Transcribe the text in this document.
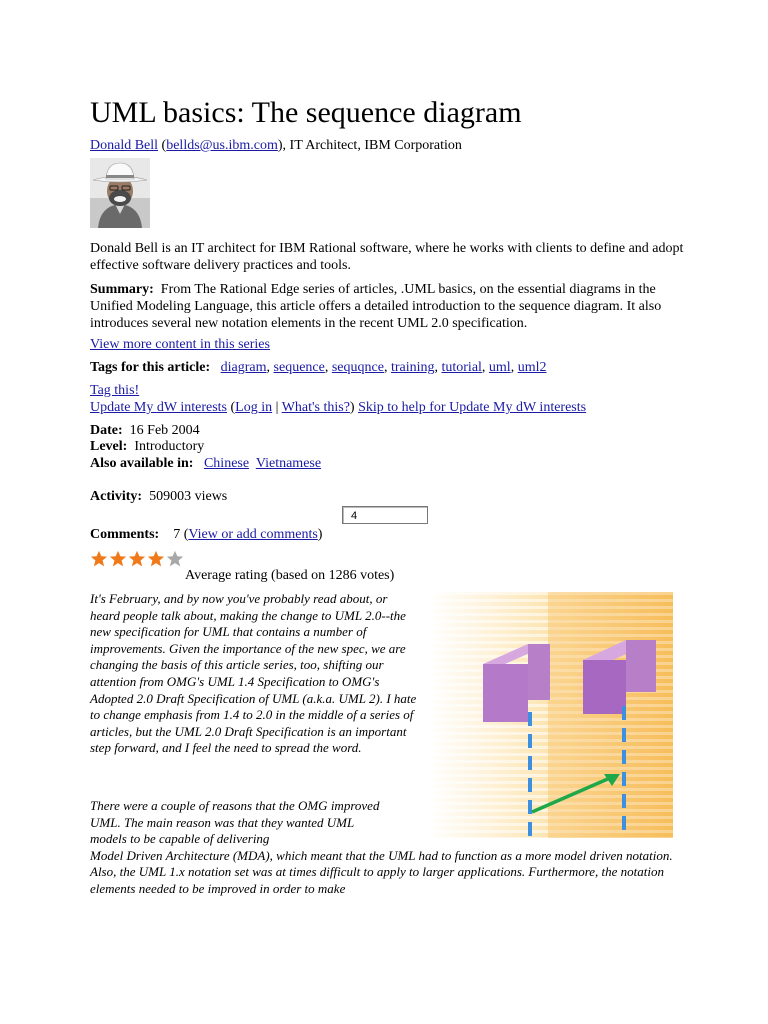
UML basics: The sequence diagram
Donald Bell (bellds@us.ibm.com), IT Architect, IBM Corporation
Donald Bell is an IT architect for IBM Rational software, where he works with clients to define and adopt effective software delivery practices and tools.
Summary: From The Rational Edge series of articles, .UML basics, on the essential diagrams in the Unified Modeling Language, this article offers a detailed introduction to the sequence diagram. It also introduces several new notation elements in the recent UML 2.0 specification.
View more content in this series
Tags for this article: diagram, sequence, sequqnce, training, tutorial, uml, uml2
Tag this!
Update My dW interests (Log in | What's this?) Skip to help for Update My dW interests
Date: 16 Feb 2004
Level: Introductory
Also available in: Chinese Vietnamese
Activity: 509003 views
4
Comments: 7 (View or add comments)
Average rating (based on 1286 votes)
It's February, and by now you've probably read about, or heard people talk about, making the change to UML 2.0--the new specification for UML that contains a number of improvements. Given the importance of the new spec, we are changing the basis of this article series, too, shifting our attention from OMG's UML 1.4 Specification to OMG's Adopted 2.0 Draft Specification of UML (a.k.a. UML 2). I hate to change emphasis from 1.4 to 2.0 in the middle of a series of articles, but the UML 2.0 Draft Specification is an important step forward, and I feel the need to spread the word.
There were a couple of reasons that the OMG improved UML. The main reason was that they wanted UML models to be capable of delivering
Model Driven Architecture (MDA), which meant that the UML had to function as a more model driven notation. Also, the UML 1.x notation set was at times difficult to apply to larger applications. Furthermore, the notation elements needed to be improved in order to make
